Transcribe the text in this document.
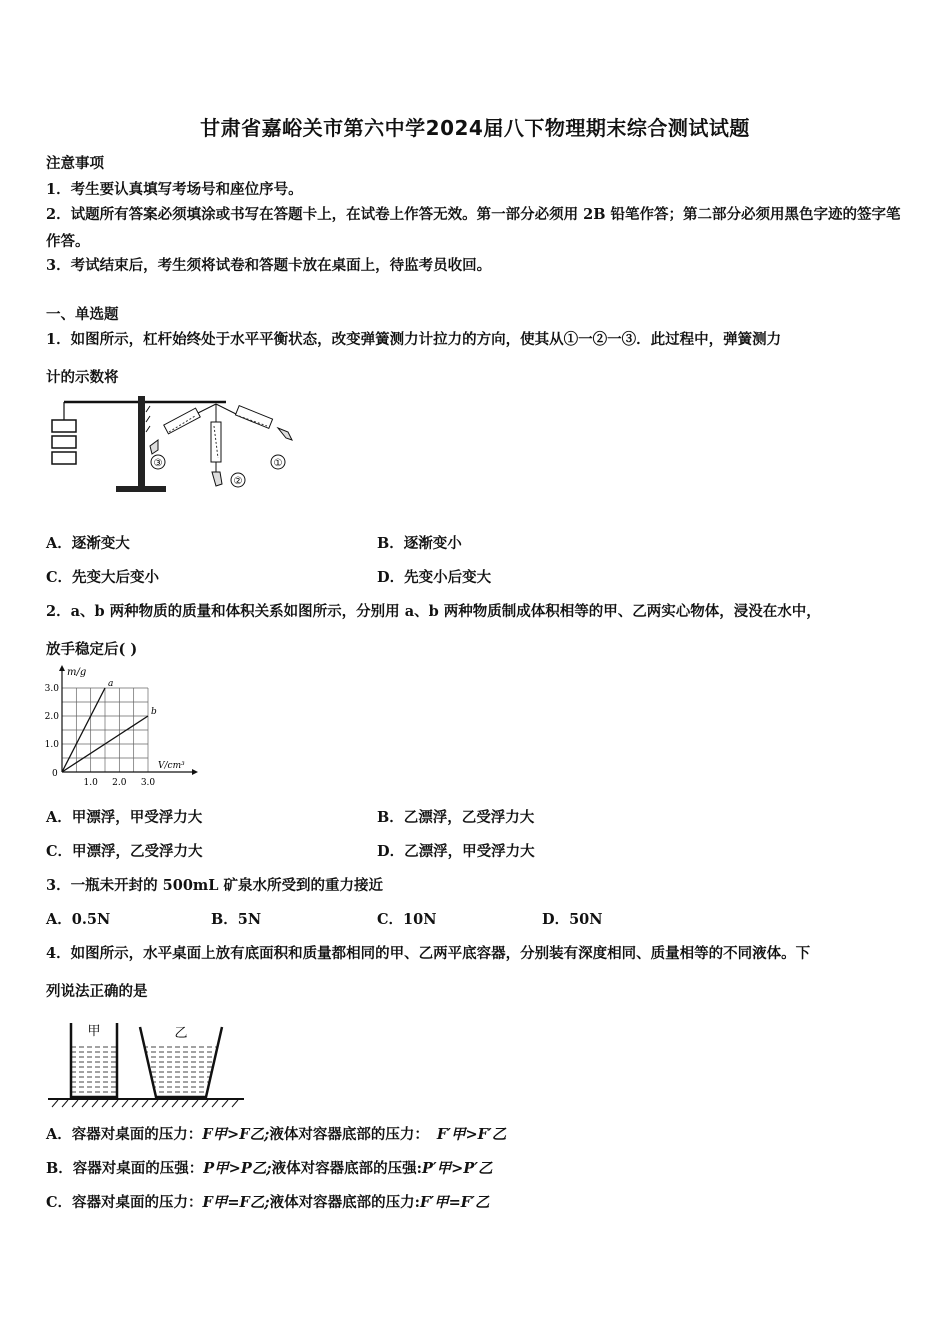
甘肃省嘉峪关市第六中学2024届八下物理期末综合测试试题
注意事项
1．考生要认真填写考场号和座位序号。
2．试题所有答案必须填涂或书写在答题卡上，在试卷上作答无效。第一部分必须用 2B 铅笔作答；第二部分必须用黑色字迹的签字笔作答。
3．考试结束后，考生须将试卷和答题卡放在桌面上，待监考员收回。
一、单选题
1．如图所示，杠杆始终处于水平平衡状态，改变弹簧测力计拉力的方向，使其从①一②一③．此过程中，弹簧测力
计的示数将
①
②
③
A．逐渐变大	B．逐渐变小
C．先变大后变小	D．先变小后变大
2．a、b 两种物质的质量和体积关系如图所示，分别用 a、b 两种物质制成体积相等的甲、乙两实心物体，浸没在水中，
放手稳定后( )
m/g
V/cm³
0
1.0 2.0 3.0
1.0
2.0
3.0	a
b
A．甲漂浮，甲受浮力大	B．乙漂浮，乙受浮力大
C．甲漂浮，乙受浮力大	D．乙漂浮，甲受浮力大
3．一瓶未开封的 500mL 矿泉水所受到的重力接近
A．0.5N	B．5N	C．10N	D．50N
4．如图所示，水平桌面上放有底面积和质量都相同的甲、乙两平底容器，分别装有深度相同、质量相等的不同液体。下
列说法正确的是
甲	乙
A．容器对桌面的压力：F甲>F乙;液体对容器底部的压力： F′甲>F′乙
B．容器对桌面的压强：P甲>P乙;液体对容器底部的压强:P′甲>P′乙
C．容器对桌面的压力：F甲=F乙;液体对容器底部的压力:F′甲=F′乙
